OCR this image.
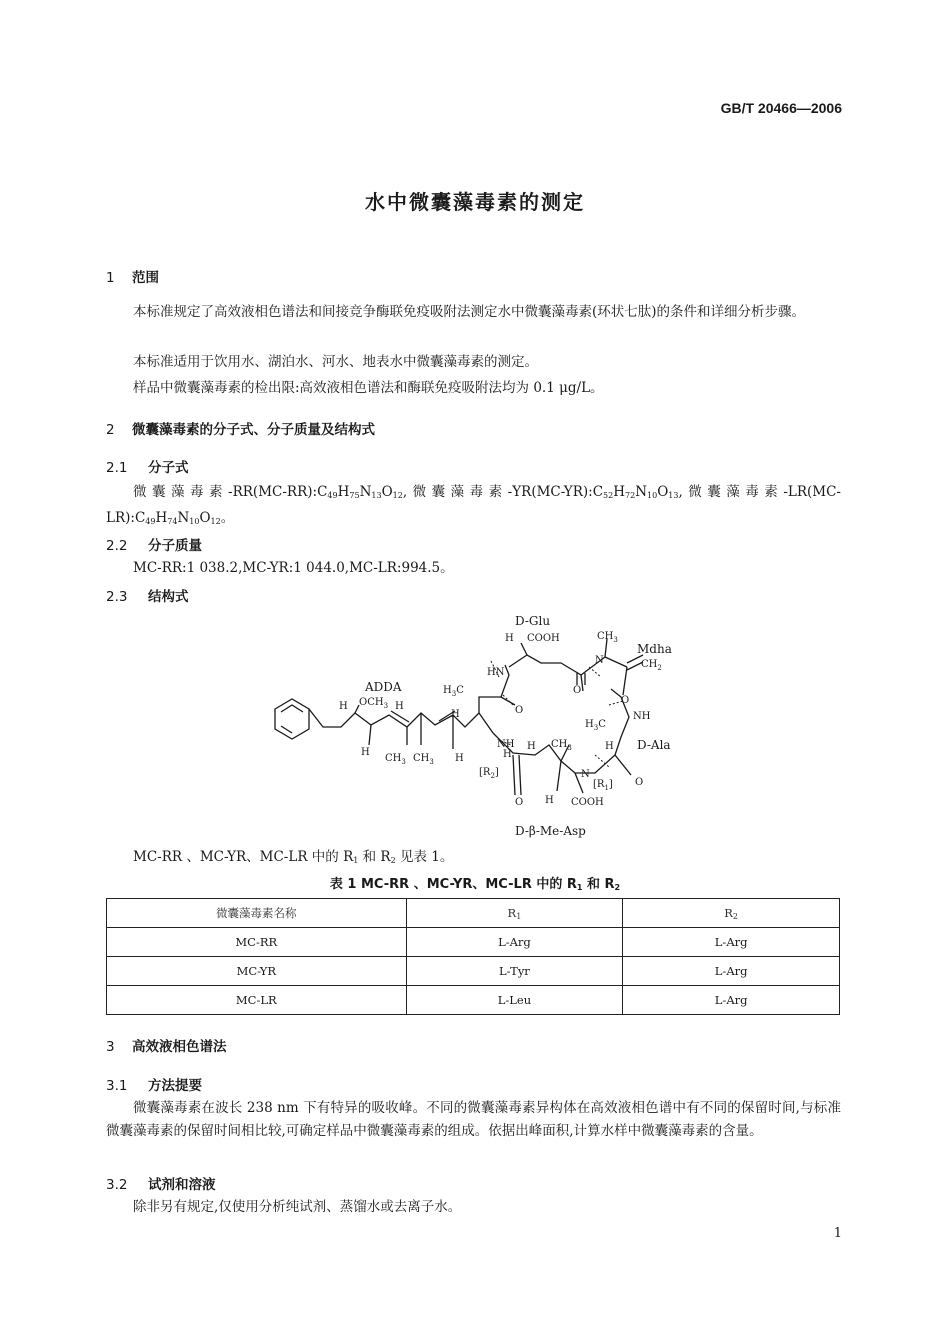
GB/T 20466—2006
水中微囊藻毒素的测定
1 范围
本标准规定了高效液相色谱法和间接竞争酶联免疫吸附法测定水中微囊藻毒素(环状七肽)的条件和详细分析步骤。
本标准适用于饮用水、湖泊水、河水、地表水中微囊藻毒素的测定。
样品中微囊藻毒素的检出限:高效液相色谱法和酶联免疫吸附法均为 0.1 μg/L。
2 微囊藻毒素的分子式、分子质量及结构式
2.1 分子式
微囊藻毒素$-RR(MC-RR):C_{49}H_{75}N_{13}O_{12}$,微囊藻毒素$-YR(MC-YR):C_{52}H_{72}N_{10}O_{13}$,微囊藻毒素$-LR(MC-LR):C_{49}H_{74}N_{10}O_{12}$。
2.2 分子质量
MC-RR:1 038.2,MC-YR:1 044.0,MC-LR:994.5。
2.3 结构式
D-Glu
Mdha
ADDA
D-Ala
D-β-Me-Asp
H COOH	$CH_3$
N	$CH_2$
HN
O
$H_3C$
O
O
NH
$OCH_3$
H	H
H
H
$CH_3$ $CH_3$ H
$H_3C$
NH
H
H $CH_3$	H
$[R_2]$	N
$[R_1]$ O
O H COOH
MC-RR 、MC-YR、MC-LR 中的 $R_1$ 和 $R_2$ 见表 1。
表 1 MC-RR 、MC-YR、MC-LR 中的 $R_1$ 和 $R_2$
微囊藻毒素名称	$R_1$	$R_2$
MC-RR	L-Arg	L-Arg
MC-YR	L-Tyr	L-Arg
MC-LR	L-Leu	L-Arg
3 高效液相色谱法
3.1 方法提要
微囊藻毒素在波长 238 nm 下有特异的吸收峰。不同的微囊藻毒素异构体在高效液相色谱中有不同的保留时间,与标准微囊藻毒素的保留时间相比较,可确定样品中微囊藻毒素的组成。依据出峰面积,计算水样中微囊藻毒素的含量。
3.2 试剂和溶液
除非另有规定,仅使用分析纯试剂、蒸馏水或去离子水。
1
